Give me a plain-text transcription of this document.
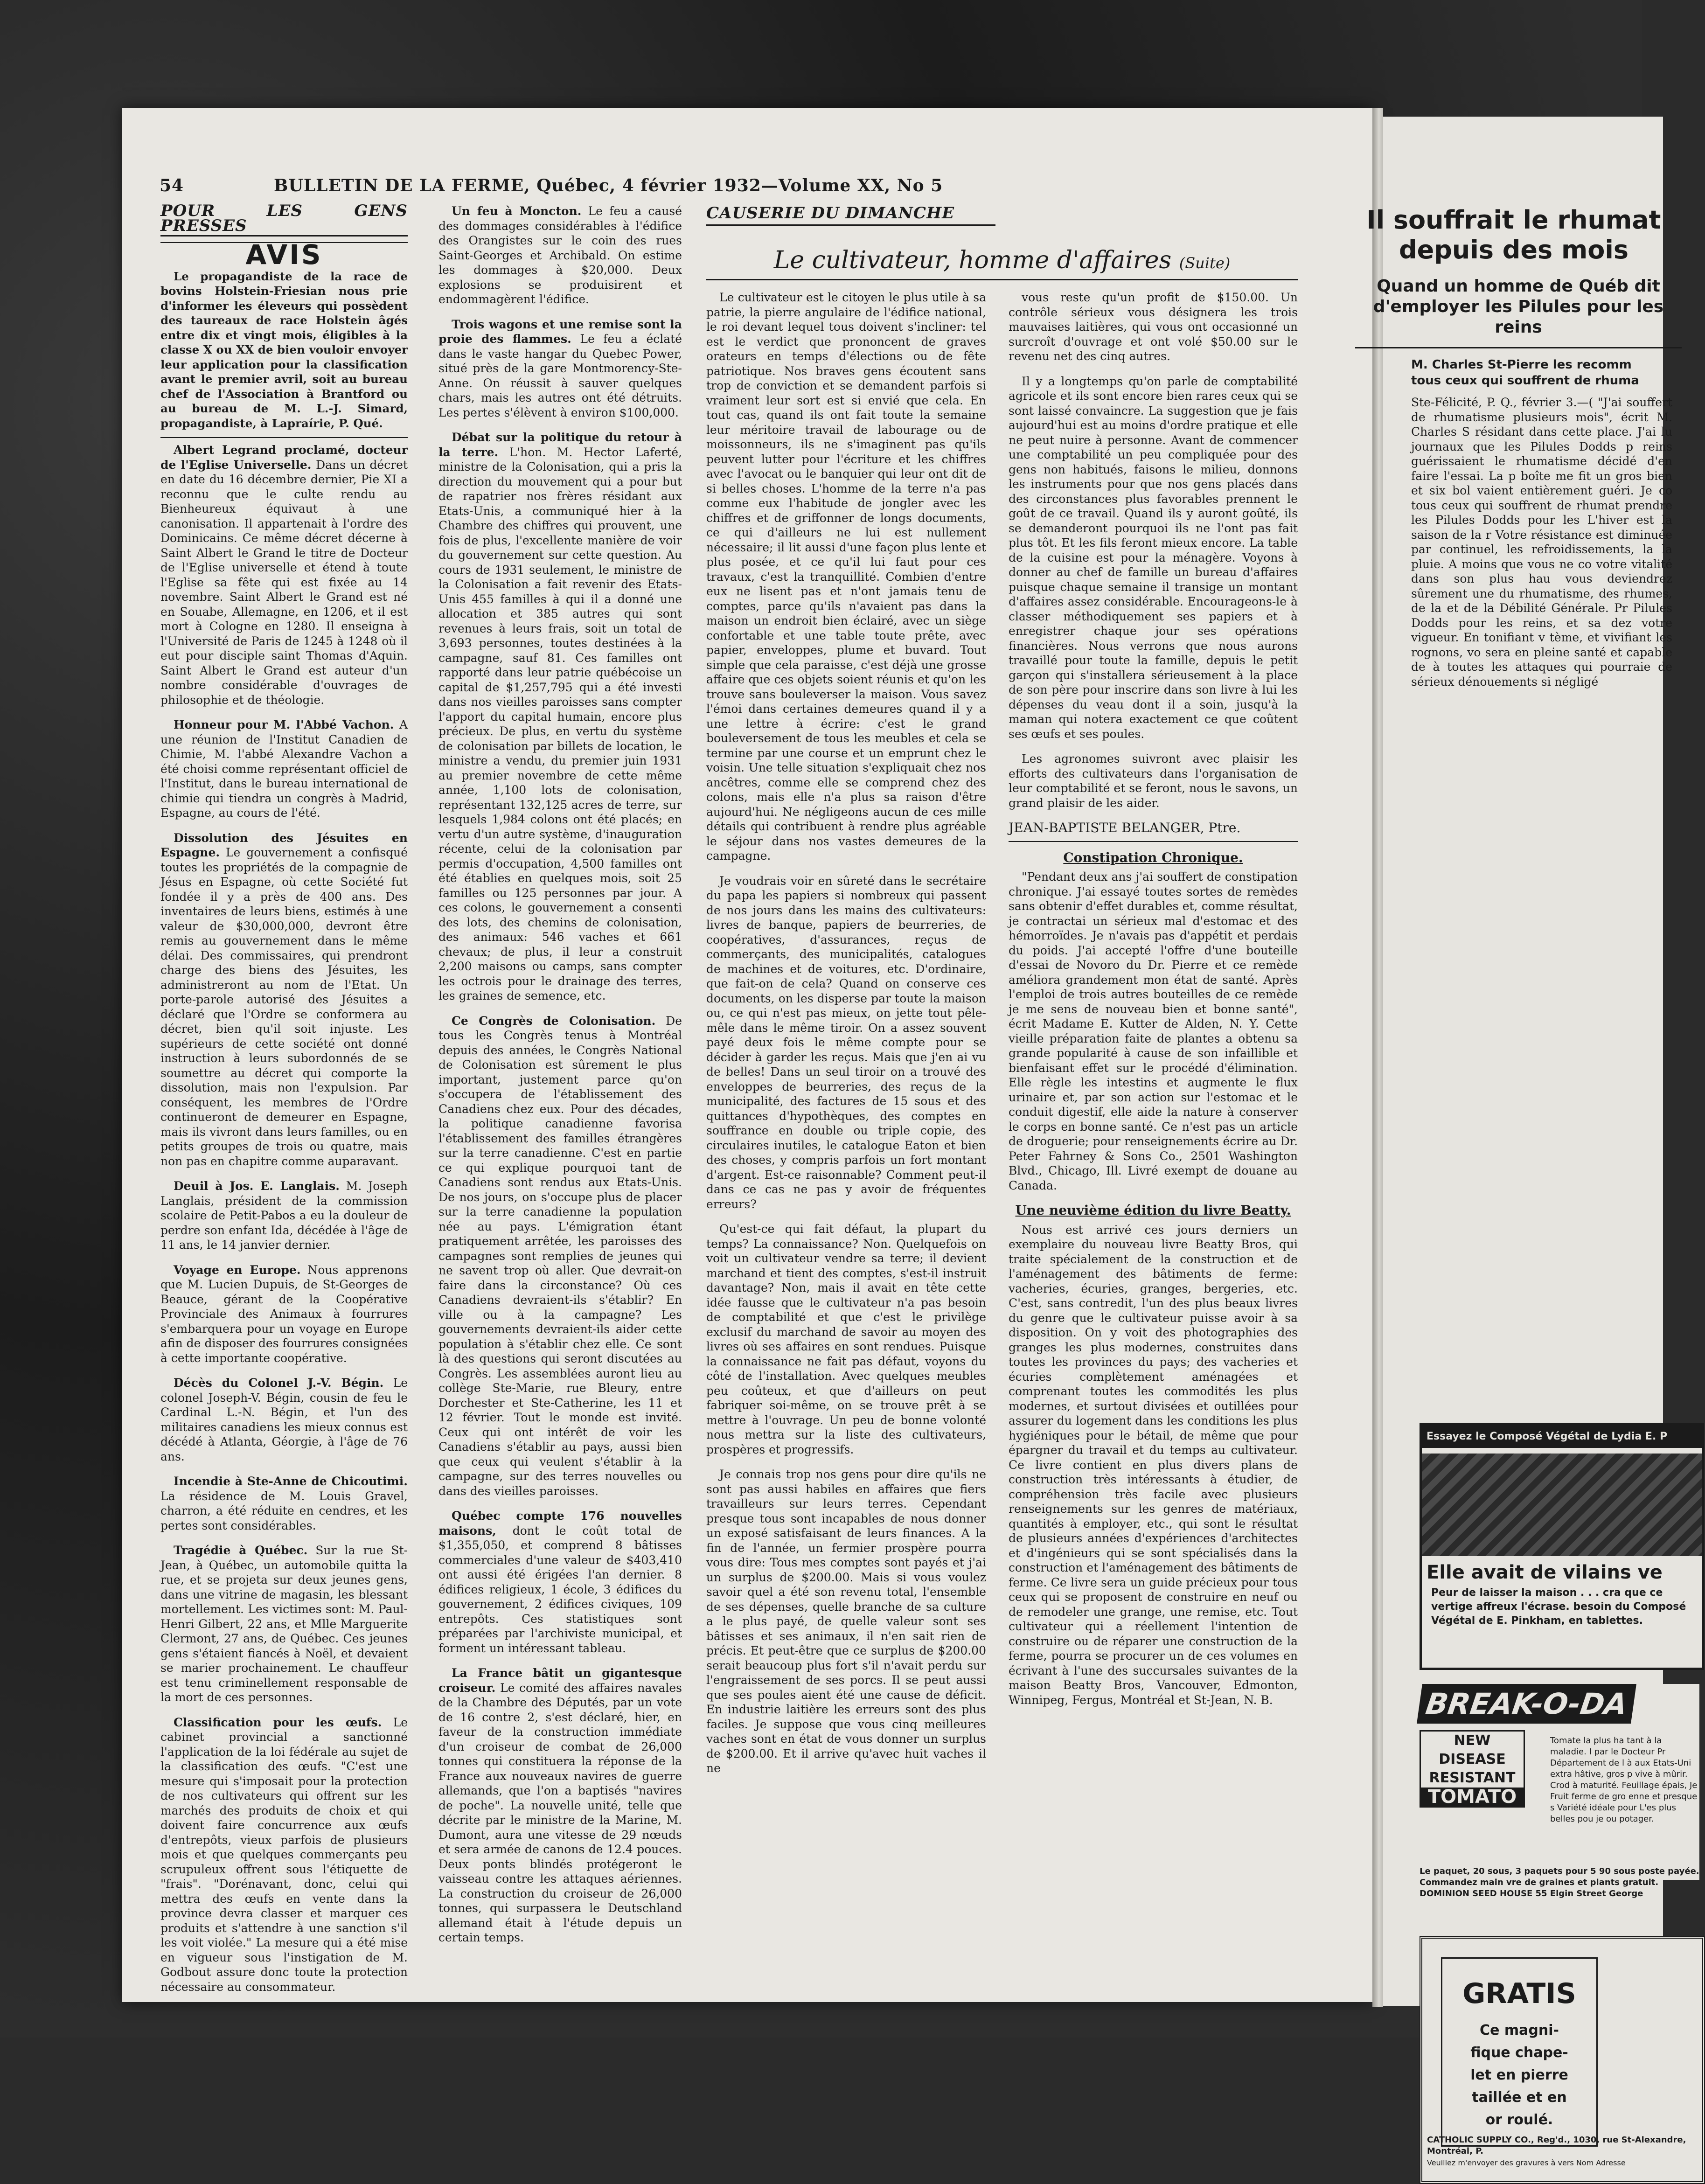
54	BULLETIN DE LA FERME, Québec, 4 février 1932—Volume XX, No 5
POUR LES GENS PRESSES
AVIS

Le propagandiste de la race de bovins Holstein-Friesian nous prie d'informer les éleveurs qui possèdent des taureaux de race Holstein âgés entre dix et vingt mois, éligibles à la classe X ou XX de bien vouloir envoyer leur application pour la classification avant le premier avril, soit au bureau chef de l'Association à Brantford ou au bureau de M. L.-J. Simard, propagandiste, à Lapraírie, P. Qué.

Albert Legrand proclamé, docteur de l'Eglise Universelle. Dans un décret en date du 16 décembre dernier, Pie XI a reconnu que le culte rendu au Bienheureux équivaut à une canonisation. Il appartenait à l'ordre des Dominicains. Ce même décret décerne à Saint Albert le Grand le titre de Docteur de l'Eglise universelle et étend à toute l'Eglise sa fête qui est fixée au 14 novembre. Saint Albert le Grand est né en Souabe, Allemagne, en 1206, et il est mort à Cologne en 1280. Il enseigna à l'Université de Paris de 1245 à 1248 où il eut pour disciple saint Thomas d'Aquin. Saint Albert le Grand est auteur d'un nombre considérable d'ouvrages de philosophie et de théologie.
Honneur pour M. l'Abbé Vachon. A une réunion de l'Institut Canadien de Chimie, M. l'abbé Alexandre Vachon a été choisi comme représentant officiel de l'Institut, dans le bureau international de chimie qui tiendra un congrès à Madrid, Espagne, au cours de l'été.
Dissolution des Jésuites en Espagne. Le gouvernement a confisqué toutes les propriétés de la compagnie de Jésus en Espagne, où cette Société fut fondée il y a près de 400 ans. Des inventaires de leurs biens, estimés à une valeur de $30,000,000, devront être remis au gouvernement dans le même délai. Des commissaires, qui prendront charge des biens des Jésuites, les administreront au nom de l'Etat. Un porte-parole autorisé des Jésuites a déclaré que l'Ordre se conformera au décret, bien qu'il soit injuste. Les supérieurs de cette société ont donné instruction à leurs subordonnés de se soumettre au décret qui comporte la dissolution, mais non l'expulsion. Par conséquent, les membres de l'Ordre continueront de demeurer en Espagne, mais ils vivront dans leurs familles, ou en petits groupes de trois ou quatre, mais non pas en chapitre comme auparavant.
Deuil à Jos. E. Langlais. M. Joseph Langlais, président de la commission scolaire de Petit-Pabos a eu la douleur de perdre son enfant Ida, décédée à l'âge de 11 ans, le 14 janvier dernier.
Voyage en Europe. Nous apprenons que M. Lucien Dupuis, de St-Georges de Beauce, gérant de la Coopérative Provinciale des Animaux à fourrures s'embarquera pour un voyage en Europe afin de disposer des fourrures consignées à cette importante coopérative.
Décès du Colonel J.-V. Bégin. Le colonel Joseph-V. Bégin, cousin de feu le Cardinal L.-N. Bégin, et l'un des militaires canadiens les mieux connus est décédé à Atlanta, Géorgie, à l'âge de 76 ans.
Incendie à Ste-Anne de Chicoutimi. La résidence de M. Louis Gravel, charron, a été réduite en cendres, et les pertes sont considérables.
Tragédie à Québec. Sur la rue St-Jean, à Québec, un automobile quitta la rue, et se projeta sur deux jeunes gens, dans une vitrine de magasin, les blessant mortellement. Les victimes sont: M. Paul-Henri Gilbert, 22 ans, et Mlle Marguerite Clermont, 27 ans, de Québec. Ces jeunes gens s'étaient fiancés à Noël, et devaient se marier prochainement. Le chauffeur est tenu criminellement responsable de la mort de ces personnes.
Classification pour les œufs. Le cabinet provincial a sanctionné l'application de la loi fédérale au sujet de la classification des œufs. "C'est une mesure qui s'imposait pour la protection de nos cultivateurs qui offrent sur les marchés des produits de choix et qui doivent faire concurrence aux œufs d'entrepôts, vieux parfois de plusieurs mois et que quelques commerçants peu scrupuleux offrent sous l'étiquette de "frais". "Dorénavant, donc, celui qui mettra des œufs en vente dans la province devra classer et marquer ces produits et s'attendre à une sanction s'il les voit violée." La mesure qui a été mise en vigueur sous l'instigation de M. Godbout assure donc toute la protection nécessaire au consommateur.
Un feu à Moncton. Le feu a causé des dommages considérables à l'édifice des Orangistes sur le coin des rues Saint-Georges et Archibald. On estime les dommages à $20,000. Deux explosions se produisirent et endommagèrent l'édifice.
Trois wagons et une remise sont la proie des flammes. Le feu a éclaté dans le vaste hangar du Quebec Power, situé près de la gare Montmorency-Ste-Anne. On réussit à sauver quelques chars, mais les autres ont été détruits. Les pertes s'élèvent à environ $100,000.
Débat sur la politique du retour à la terre. L'hon. M. Hector Laferté, ministre de la Colonisation, qui a pris la direction du mouvement qui a pour but de rapatrier nos frères résidant aux Etats-Unis, a communiqué hier à la Chambre des chiffres qui prouvent, une fois de plus, l'excellente manière de voir du gouvernement sur cette question. Au cours de 1931 seulement, le ministre de la Colonisation a fait revenir des Etats-Unis 455 familles à qui il a donné une allocation et 385 autres qui sont revenues à leurs frais, soit un total de 3,693 personnes, toutes destinées à la campagne, sauf 81. Ces familles ont rapporté dans leur patrie québécoise un capital de $1,257,795 qui a été investi dans nos vieilles paroisses sans compter l'apport du capital humain, encore plus précieux. De plus, en vertu du système de colonisation par billets de location, le ministre a vendu, du premier juin 1931 au premier novembre de cette même année, 1,100 lots de colonisation, représentant 132,125 acres de terre, sur lesquels 1,984 colons ont été placés; en vertu d'un autre système, d'inauguration récente, celui de la colonisation par permis d'occupation, 4,500 familles ont été établies en quelques mois, soit 25 familles ou 125 personnes par jour. A ces colons, le gouvernement a consenti des lots, des chemins de colonisation, des animaux: 546 vaches et 661 chevaux; de plus, il leur a construit 2,200 maisons ou camps, sans compter les octrois pour le drainage des terres, les graines de semence, etc.
Ce Congrès de Colonisation. De tous les Congrès tenus à Montréal depuis des années, le Congrès National de Colonisation est sûrement le plus important, justement parce qu'on s'occupera de l'établissement des Canadiens chez eux. Pour des décades, la politique canadienne favorisa l'établissement des familles étrangères sur la terre canadienne. C'est en partie ce qui explique pourquoi tant de Canadiens sont rendus aux Etats-Unis. De nos jours, on s'occupe plus de placer sur la terre canadienne la population née au pays. L'émigration étant pratiquement arrêtée, les paroisses des campagnes sont remplies de jeunes qui ne savent trop où aller. Que devrait-on faire dans la circonstance? Où ces Canadiens devraient-ils s'établir? En ville ou à la campagne? Les gouvernements devraient-ils aider cette population à s'établir chez elle. Ce sont là des questions qui seront discutées au Congrès. Les assemblées auront lieu au collège Ste-Marie, rue Bleury, entre Dorchester et Ste-Catherine, les 11 et 12 février. Tout le monde est invité. Ceux qui ont intérêt de voir les Canadiens s'établir au pays, aussi bien que ceux qui veulent s'établir à la campagne, sur des terres nouvelles ou dans des vieilles paroisses.
Québec compte 176 nouvelles maisons, dont le coût total de $1,355,050, et comprend 8 bâtisses commerciales d'une valeur de $403,410 ont aussi été érigées l'an dernier. 8 édifices religieux, 1 école, 3 édifices du gouvernement, 2 édifices civiques, 109 entrepôts. Ces statistiques sont préparées par l'archiviste municipal, et forment un intéressant tableau.
La France bâtit un gigantesque croiseur. Le comité des affaires navales de la Chambre des Députés, par un vote de 16 contre 2, s'est déclaré, hier, en faveur de la construction immédiate d'un croiseur de combat de 26,000 tonnes qui constituera la réponse de la France aux nouveaux navires de guerre allemands, que l'on a baptisés "navires de poche". La nouvelle unité, telle que décrite par le ministre de la Marine, M. Dumont, aura une vitesse de 29 nœuds et sera armée de canons de 12.4 pouces. Deux ponts blindés protégeront le vaisseau contre les attaques aériennes. La construction du croiseur de 26,000 tonnes, qui surpassera le Deutschland allemand était à l'étude depuis un certain temps.
CAUSERIE DU DIMANCHE
Le cultivateur, homme d'affaires (Suite)
Le cultivateur est le citoyen le plus utile à sa patrie, la pierre angulaire de l'édifice national, le roi devant lequel tous doivent s'incliner: tel est le verdict que prononcent de graves orateurs en temps d'élections ou de fête patriotique. Nos braves gens écoutent sans trop de conviction et se demandent parfois si vraiment leur sort est si envié que cela. En tout cas, quand ils ont fait toute la semaine leur méritoire travail de labourage ou de moissonneurs, ils ne s'imaginent pas qu'ils peuvent lutter pour l'écriture et les chiffres avec l'avocat ou le banquier qui leur ont dit de si belles choses. L'homme de la terre n'a pas comme eux l'habitude de jongler avec les chiffres et de griffonner de longs documents, ce qui d'ailleurs ne lui est nullement nécessaire; il lit aussi d'une façon plus lente et plus posée, et ce qu'il lui faut pour ces travaux, c'est la tranquillité. Combien d'entre eux ne lisent pas et n'ont jamais tenu de comptes, parce qu'ils n'avaient pas dans la maison un endroit bien éclairé, avec un siège confortable et une table toute prête, avec papier, enveloppes, plume et buvard. Tout simple que cela paraisse, c'est déjà une grosse affaire que ces objets soient réunis et qu'on les trouve sans bouleverser la maison. Vous savez l'émoi dans certaines demeures quand il y a une lettre à écrire: c'est le grand bouleversement de tous les meubles et cela se termine par une course et un emprunt chez le voisin. Une telle situation s'expliquait chez nos ancêtres, comme elle se comprend chez des colons, mais elle n'a plus sa raison d'être aujourd'hui. Ne négligeons aucun de ces mille détails qui contribuent à rendre plus agréable le séjour dans nos vastes demeures de la campagne.
Je voudrais voir en sûreté dans le secrétaire du papa les papiers si nombreux qui passent de nos jours dans les mains des cultivateurs: livres de banque, papiers de beurreries, de coopératives, d'assurances, reçus de commerçants, des municipalités, catalogues de machines et de voitures, etc. D'ordinaire, que fait-on de cela? Quand on conserve ces documents, on les disperse par toute la maison ou, ce qui n'est pas mieux, on jette tout pêle-mêle dans le même tiroir. On a assez souvent payé deux fois le même compte pour se décider à garder les reçus. Mais que j'en ai vu de belles! Dans un seul tiroir on a trouvé des enveloppes de beurreries, des reçus de la municipalité, des factures de 15 sous et des quittances d'hypothèques, des comptes en souffrance en double ou triple copie, des circulaires inutiles, le catalogue Eaton et bien des choses, y compris parfois un fort montant d'argent. Est-ce raisonnable? Comment peut-il dans ce cas ne pas y avoir de fréquentes erreurs?
Qu'est-ce qui fait défaut, la plupart du temps? La connaissance? Non. Quelquefois on voit un cultivateur vendre sa terre; il devient marchand et tient des comptes, s'est-il instruit davantage? Non, mais il avait en tête cette idée fausse que le cultivateur n'a pas besoin de comptabilité et que c'est le privilège exclusif du marchand de savoir au moyen des livres où ses affaires en sont rendues. Puisque la connaissance ne fait pas défaut, voyons du côté de l'installation. Avec quelques meubles peu coûteux, et que d'ailleurs on peut fabriquer soi-même, on se trouve prêt à se mettre à l'ouvrage. Un peu de bonne volonté nous mettra sur la liste des cultivateurs, prospères et progressifs.
Je connais trop nos gens pour dire qu'ils ne sont pas aussi habiles en affaires que fiers travailleurs sur leurs terres. Cependant presque tous sont incapables de nous donner un exposé satisfaisant de leurs finances. A la fin de l'année, un fermier prospère pourra vous dire: Tous mes comptes sont payés et j'ai un surplus de $200.00. Mais si vous voulez savoir quel a été son revenu total, l'ensemble de ses dépenses, quelle branche de sa culture a le plus payé, de quelle valeur sont ses bâtisses et ses animaux, il n'en sait rien de précis. Et peut-être que ce surplus de $200.00 serait beaucoup plus fort s'il n'avait perdu sur l'engraissement de ses porcs. Il se peut aussi que ses poules aient été une cause de déficit. En industrie laitière les erreurs sont des plus faciles. Je suppose que vous cinq meilleures vaches sont en état de vous donner un surplus de $200.00. Et il arrive qu'avec huit vaches il ne
vous reste qu'un profit de $150.00. Un contrôle sérieux vous désignera les trois mauvaises laitières, qui vous ont occasionné un surcroît d'ouvrage et ont volé $50.00 sur le revenu net des cinq autres.
Il y a longtemps qu'on parle de comptabilité agricole et ils sont encore bien rares ceux qui se sont laissé convaincre. La suggestion que je fais aujourd'hui est au moins d'ordre pratique et elle ne peut nuire à personne. Avant de commencer une comptabilité un peu compliquée pour des gens non habitués, faisons le milieu, donnons les instruments pour que nos gens placés dans des circonstances plus favorables prennent le goût de ce travail. Quand ils y auront goûté, ils se demanderont pourquoi ils ne l'ont pas fait plus tôt. Et les fils feront mieux encore. La table de la cuisine est pour la ménagère. Voyons à donner au chef de famille un bureau d'affaires puisque chaque semaine il transige un montant d'affaires assez considérable. Encourageons-le à classer méthodiquement ses papiers et à enregistrer chaque jour ses opérations financières. Nous verrons que nous aurons travaillé pour toute la famille, depuis le petit garçon qui s'installera sérieusement à la place de son père pour inscrire dans son livre à lui les dépenses du veau dont il a soin, jusqu'à la maman qui notera exactement ce que coûtent ses œufs et ses poules.
Les agronomes suivront avec plaisir les efforts des cultivateurs dans l'organisation de leur comptabilité et se feront, nous le savons, un grand plaisir de les aider.
JEAN-BAPTISTE BELANGER, Ptre.
Constipation Chronique.
"Pendant deux ans j'ai souffert de constipation chronique. J'ai essayé toutes sortes de remèdes sans obtenir d'effet durables et, comme résultat, je contractai un sérieux mal d'estomac et des hémorroïdes. Je n'avais pas d'appétit et perdais du poids. J'ai accepté l'offre d'une bouteille d'essai de Novoro du Dr. Pierre et ce remède améliora grandement mon état de santé. Après l'emploi de trois autres bouteilles de ce remède je me sens de nouveau bien et bonne santé", écrit Madame E. Kutter de Alden, N. Y. Cette vieille préparation faite de plantes a obtenu sa grande popularité à cause de son infaillible et bienfaisant effet sur le procédé d'élimination. Elle règle les intestins et augmente le flux urinaire et, par son action sur l'estomac et le conduit digestif, elle aide la nature à conserver le corps en bonne santé. Ce n'est pas un article de droguerie; pour renseignements écrire au Dr. Peter Fahrney & Sons Co., 2501 Washington Blvd., Chicago, Ill. Livré exempt de douane au Canada.
Une neuvième édition du livre Beatty.
Nous est arrivé ces jours derniers un exemplaire du nouveau livre Beatty Bros, qui traite spécialement de la construction et de l'aménagement des bâtiments de ferme: vacheries, écuries, granges, bergeries, etc. C'est, sans contredit, l'un des plus beaux livres du genre que le cultivateur puisse avoir à sa disposition. On y voit des photographies des granges les plus modernes, construites dans toutes les provinces du pays; des vacheries et écuries complètement aménagées et comprenant toutes les commodités les plus modernes, et surtout divisées et outillées pour assurer du logement dans les conditions les plus hygiéniques pour le bétail, de même que pour épargner du travail et du temps au cultivateur. Ce livre contient en plus divers plans de construction très intéressants à étudier, de compréhension très facile avec plusieurs renseignements sur les genres de matériaux, quantités à employer, etc., qui sont le résultat de plusieurs années d'expériences d'architectes et d'ingénieurs qui se sont spécialisés dans la construction et l'aménagement des bâtiments de ferme. Ce livre sera un guide précieux pour tous ceux qui se proposent de construire en neuf ou de remodeler une grange, une remise, etc. Tout cultivateur qui a réellement l'intention de construire ou de réparer une construction de la ferme, pourra se procurer un de ces volumes en écrivant à l'une des succursales suivantes de la maison Beatty Bros, Vancouver, Edmonton, Winnipeg, Fergus, Montréal et St-Jean, N. B.
Il souffrait le rhumat depuis des mois
Quand un homme de Québ dit d'employer les Pilules pour les reins
M. Charles St-Pierre les recomm tous ceux qui souffrent de rhuma
Ste-Félicité, P. Q., février 3.—( "J'ai souffert de rhumatisme plusieurs mois", écrit M. Charles S résidant dans cette place. J'ai lu journaux que les Pilules Dodds p reins guérissaient le rhumatisme décidé d'en faire l'essai. La p boîte me fit un gros bien et six bol vaient entièrement guéri. Je co tous ceux qui souffrent de rhumat prendre les Pilules Dodds pour les L'hiver est la saison de la r Votre résistance est diminuée par continuel, les refroidissements, la la pluie. A moins que vous ne co votre vitalité dans son plus hau vous deviendrez sûrement une du rhumatisme, des rhumes, de la et de la Débilité Générale. Pr Pilules Dodds pour les reins, et sa dez votre vigueur. En tonifiant v tème, et vivifiant les rognons, vo sera en pleine santé et capable de à toutes les attaques qui pourraie de sérieux dénouements si négligé
Essayez le Composé Végétal de Lydia E. P
Elle avait de vilains ve
Peur de laisser la maison . . . cra que ce vertige affreux l'écrase. besoin du Composé Végétal de E. Pinkham, en tablettes.
BREAK-O-DA
NEW
DISEASE
RESISTANT
TOMATO
Tomate la plus ha tant à la maladie. I par le Docteur Pr Département de l à aux Etats-Uni extra hâtive, gros p vive à mûrir. Crod à maturité. Feuillage épais, Je Fruit ferme de gro enne et presque s Variété idéale pour L'es plus belles pou je ou potager.
Le paquet, 20 sous, 3 paquets pour 5 90 sous poste payée. Commandez main vre de graines et plants gratuit. DOMINION SEED HOUSE 55 Elgin Street George
GRATIS
Ce magni-
fique chape-
let en pierre
taillée et en
or roulé.
CATHOLIC SUPPLY CO., Reg'd., 1030, rue St-Alexandre, Montréal, P.
Veuillez m'envoyer des gravures à vers Nom Adresse
